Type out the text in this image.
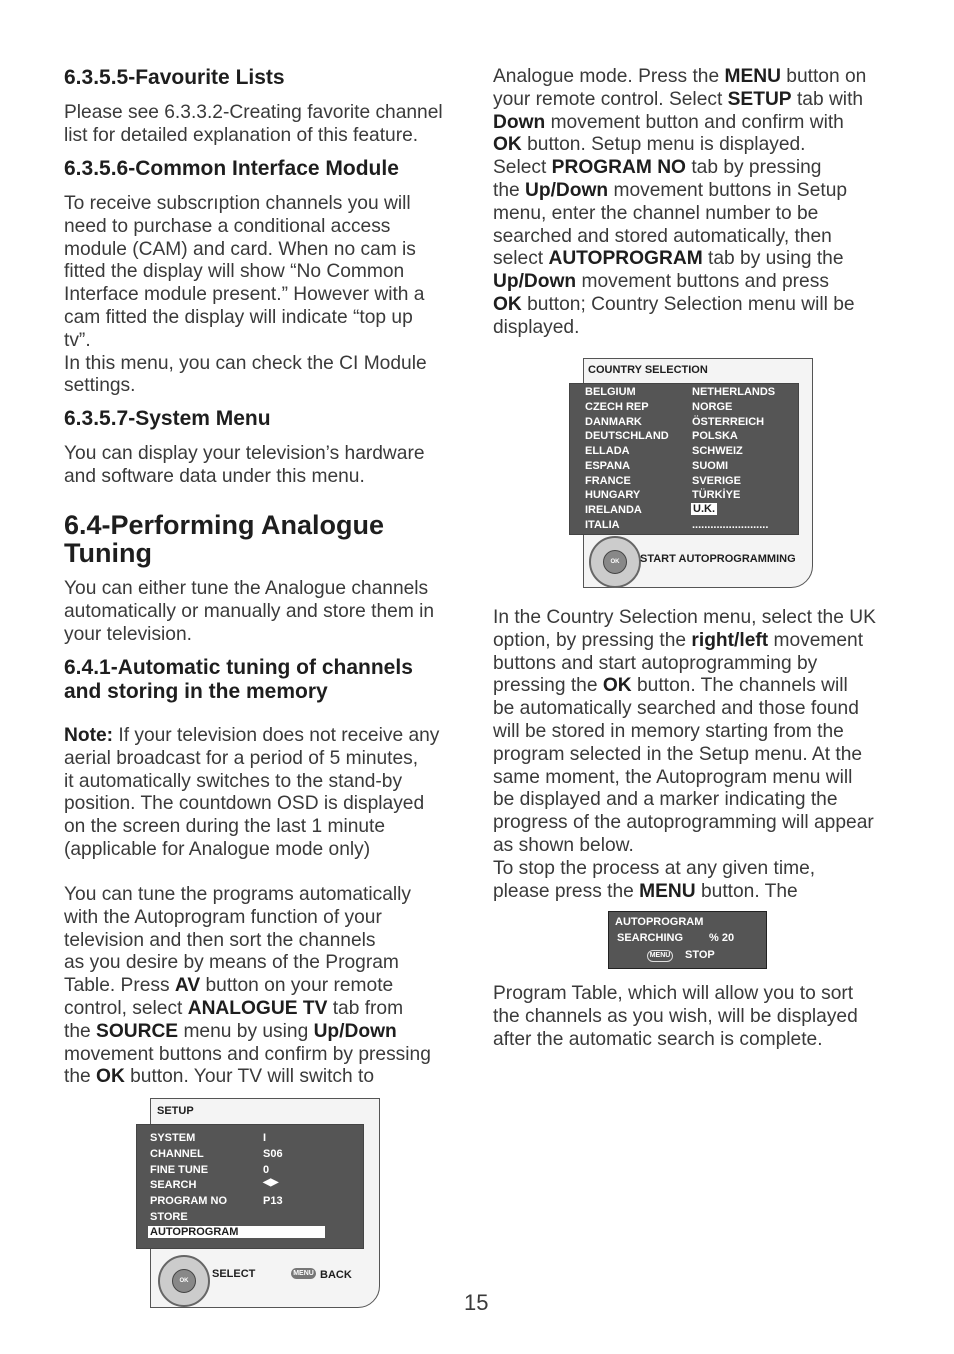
6.3.5.5-Favourite Lists
Please see 6.3.3.2-Creating favorite channel
list for detailed explanation of this feature.
6.3.5.6-Common Interface Module
To receive subscrıption channels you will
need to purchase a conditional access
module (CAM) and card. When no cam is
fitted the display will show “No Common
Interface module present.” However with a
cam fitted the display will indicate “top up
tv”.
In this menu, you can check the CI Module
settings.
6.3.5.7-System Menu
You can display your television’s hardware
and software data under this menu.
6.4-Performing Analogue
Tuning
You can either tune the Analogue channels
automatically or manually and store them in
your television.
6.4.1-Automatic tuning of channels
and storing in the memory
Note: If your television does not receive any
aerial broadcast for a period of 5 minutes,
it automatically switches to the stand-by
position. The countdown OSD is displayed
on the screen during the last 1 minute
(applicable for Analogue mode only)
You can tune the programs automatically
with the Autoprogram function of your
television and then sort the channels
as you desire by means of the Program
Table. Press AV button on your remote
control, select ANALOGUE TV tab from
the SOURCE menu by using Up/Down
movement buttons and confirm by pressing
the OK button. Your TV will switch to
SETUP
SYSTEM
CHANNEL
FINE TUNE
SEARCH
PROGRAM NO
STORE
AUTOPROGRAM
I
S06
0
◀▶
P13
OK
SELECT	MENU BACK
Analogue mode. Press the MENU button on
your remote control. Select SETUP tab with
Down movement button and confirm with
OK button. Setup menu is displayed.
Select PROGRAM NO tab by pressing
the Up/Down movement buttons in Setup
menu, enter the channel number to be
searched and stored automatically, then
select AUTOPROGRAM tab by using the
Up/Down movement buttons and press
OK button; Country Selection menu will be
displayed.
In the Country Selection menu, select the UK
option, by pressing the right/left movement
buttons and start autoprogramming by
pressing the OK button. The channels will
be automatically searched and those found
will be stored in memory starting from the
program selected in the Setup menu. At the
same moment, the Autoprogram menu will
be displayed and a marker indicating the
progress of the autoprogramming will appear
as shown below.
To stop the process at any given time,
please press the MENU button. The
Program Table, which will allow you to sort
the channels as you wish, will be displayed
after the automatic search is complete.
COUNTRY SELECTION
BELGIUM
CZECH REP
DANMARK
DEUTSCHLAND
ELLADA
ESPANA
FRANCE
HUNGARY
IRELANDA
ITALIA
NETHERLANDS
NORGE
ÖSTERREICH
POLSKA
SCHWEIZ
SUOMI
SVERIGE
TÜRKİYE
U.K.
.........................
OK	START AUTOPROGRAMMING
AUTOPROGRAM
SEARCHING % 20
MENU STOP
15
